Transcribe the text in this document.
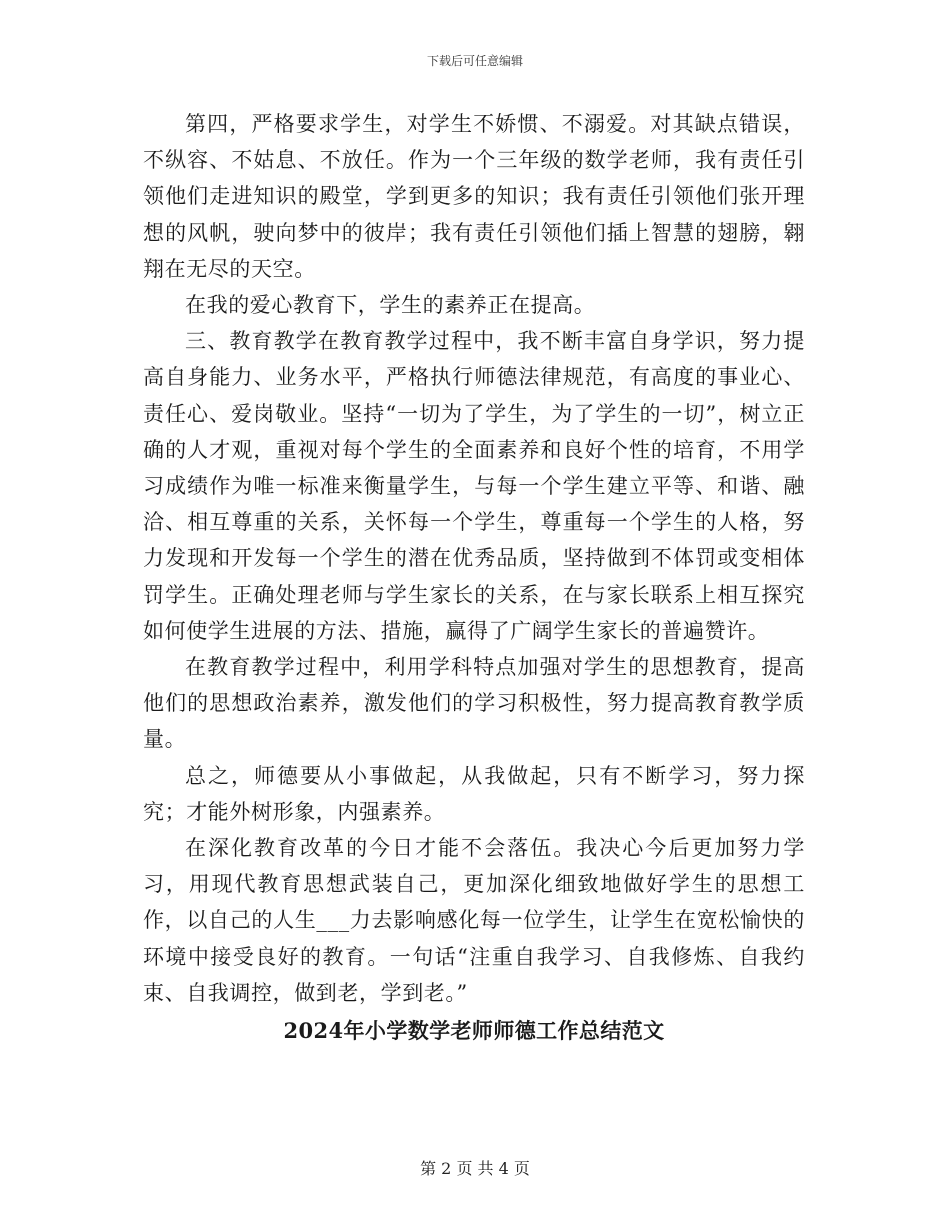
下载后可任意编辑

第四，严格要求学生，对学生不娇惯、不溺爱。对其缺点错误，不纵容、不姑息、不放任。作为一个三年级的数学老师，我有责任引领他们走进知识的殿堂，学到更多的知识；我有责任引领他们张开理想的风帆，驶向梦中的彼岸；我有责任引领他们插上智慧的翅膀，翱翔在无尽的天空。

在我的爱心教育下，学生的素养正在提高。

三、教育教学在教育教学过程中，我不断丰富自身学识，努力提高自身能力、业务水平，严格执行师德法律规范，有高度的事业心、责任心、爱岗敬业。坚持“一切为了学生，为了学生的一切”，树立正确的人才观，重视对每个学生的全面素养和良好个性的培育，不用学习成绩作为唯一标准来衡量学生，与每一个学生建立平等、和谐、融洽、相互尊重的关系，关怀每一个学生，尊重每一个学生的人格，努力发现和开发每一个学生的潜在优秀品质，坚持做到不体罚或变相体罚学生。正确处理老师与学生家长的关系，在与家长联系上相互探究如何使学生进展的方法、措施，赢得了广阔学生家长的普遍赞许。

在教育教学过程中，利用学科特点加强对学生的思想教育，提高他们的思想政治素养，激发他们的学习积极性，努力提高教育教学质量。

总之，师德要从小事做起，从我做起，只有不断学习，努力探究；才能外树形象，内强素养。

在深化教育改革的今日才能不会落伍。我决心今后更加努力学习，用现代教育思想武装自己，更加深化细致地做好学生的思想工作，以自己的人生___力去影响感化每一位学生，让学生在宽松愉快的环境中接受良好的教育。一句话“注重自我学习、自我修炼、自我约束、自我调控，做到老，学到老。”

2024年小学数学老师师德工作总结范文
第 2 页 共 4 页
